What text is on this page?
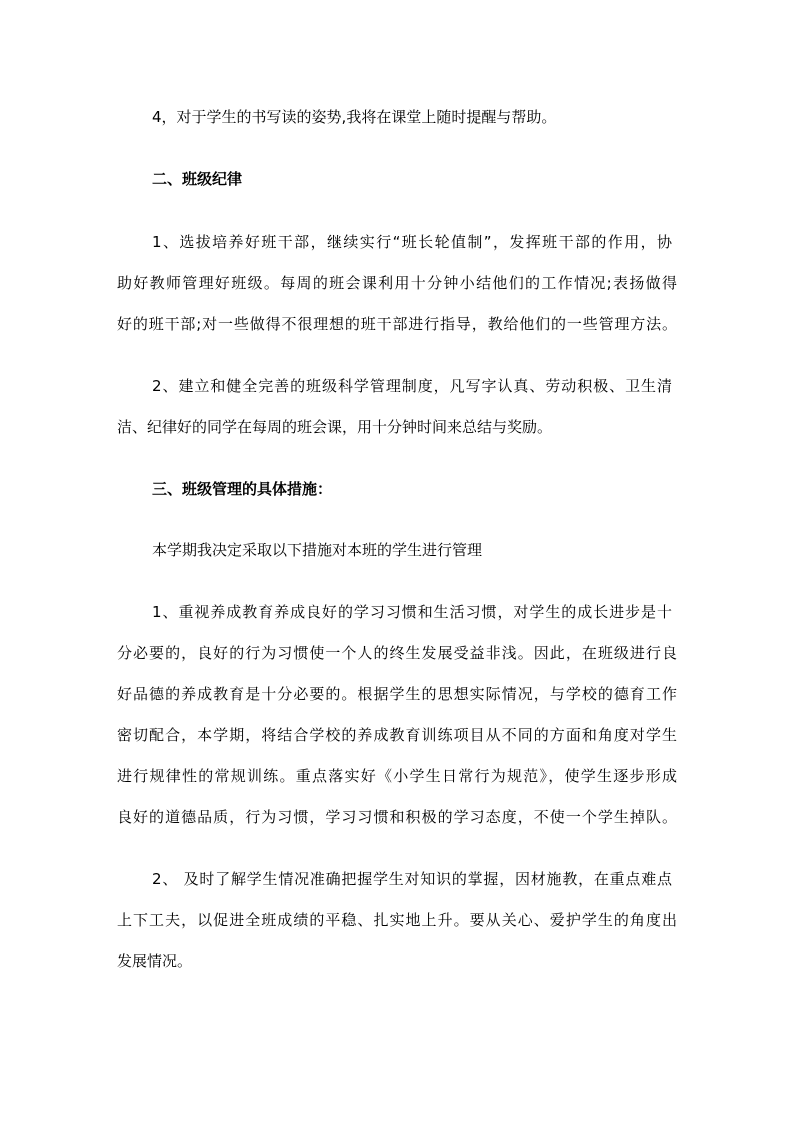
4，对于学生的书写读的姿势,我将在课堂上随时提醒与帮助。
二、班级纪律
1、选拔培养好班干部，继续实行“班长轮值制”，发挥班干部的作用，协
助好教师管理好班级。每周的班会课利用十分钟小结他们的工作情况;表扬做得
好的班干部;对一些做得不很理想的班干部进行指导，教给他们的一些管理方法。
2、建立和健全完善的班级科学管理制度，凡写字认真、劳动积极、卫生清
洁、纪律好的同学在每周的班会课，用十分钟时间来总结与奖励。
三、班级管理的具体措施：
本学期我决定采取以下措施对本班的学生进行管理
1、重视养成教育养成良好的学习习惯和生活习惯，对学生的成长进步是十
分必要的，良好的行为习惯使一个人的终生发展受益非浅。因此，在班级进行良
好品德的养成教育是十分必要的。根据学生的思想实际情况，与学校的德育工作
密切配合，本学期，将结合学校的养成教育训练项目从不同的方面和角度对学生
进行规律性的常规训练。重点落实好《小学生日常行为规范》，使学生逐步形成
良好的道德品质，行为习惯，学习习惯和积极的学习态度，不使一个学生掉队。
2、 及时了解学生情况准确把握学生对知识的掌握，因材施教，在重点难点
上下工夫，以促进全班成绩的平稳、扎实地上升。要从关心、爱护学生的角度出
发展情况。
